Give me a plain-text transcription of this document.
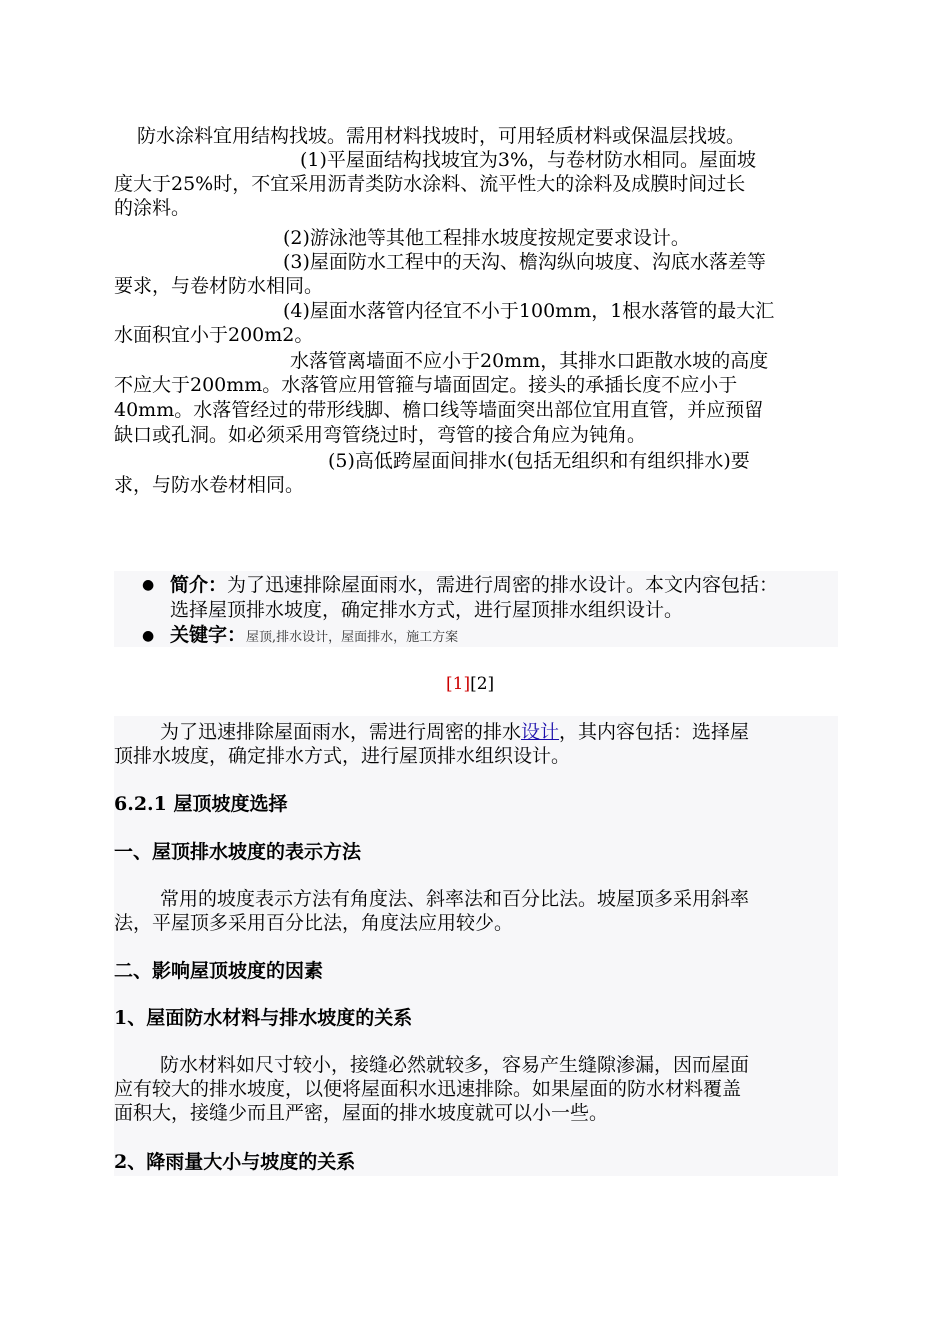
防水涂料宜用结构找坡。需用材料找坡时，可用轻质材料或保温层找坡。
(1)平屋面结构找坡宜为3%，与卷材防水相同。屋面坡
度大于25%时，不宜采用沥青类防水涂料、流平性大的涂料及成膜时间过长
的涂料。
(2)游泳池等其他工程排水坡度按规定要求设计。
(3)屋面防水工程中的天沟、檐沟纵向坡度、沟底水落差等
要求，与卷材防水相同。
(4)屋面水落管内径宜不小于100mm，1根水落管的最大汇
水面积宜小于200m2。
水落管离墙面不应小于20mm，其排水口距散水坡的高度
不应大于200mm。水落管应用管箍与墙面固定。接头的承插长度不应小于
40mm。水落管经过的带形线脚、檐口线等墙面突出部位宜用直管，并应预留
缺口或孔洞。如必须采用弯管绕过时，弯管的接合角应为钝角。
(5)高低跨屋面间排水(包括无组织和有组织排水)要
求，与防水卷材相同。
● 简介：为了迅速排除屋面雨水，需进行周密的排水设计。本文内容包括：
选择屋顶排水坡度，确定排水方式，进行屋顶排水组织设计。
● 关键字：屋顶,排水设计，屋面排水，施工方案
[1][2]
为了迅速排除屋面雨水，需进行周密的排水设计，其内容包括：选择屋
顶排水坡度，确定排水方式，进行屋顶排水组织设计。
6.2.1 屋顶坡度选择
一、屋顶排水坡度的表示方法
常用的坡度表示方法有角度法、斜率法和百分比法。坡屋顶多采用斜率
法，平屋顶多采用百分比法，角度法应用较少。
二、影响屋顶坡度的因素
1、屋面防水材料与排水坡度的关系
防水材料如尺寸较小，接缝必然就较多，容易产生缝隙渗漏，因而屋面
应有较大的排水坡度，以便将屋面积水迅速排除。如果屋面的防水材料覆盖
面积大，接缝少而且严密，屋面的排水坡度就可以小一些。
2、降雨量大小与坡度的关系
